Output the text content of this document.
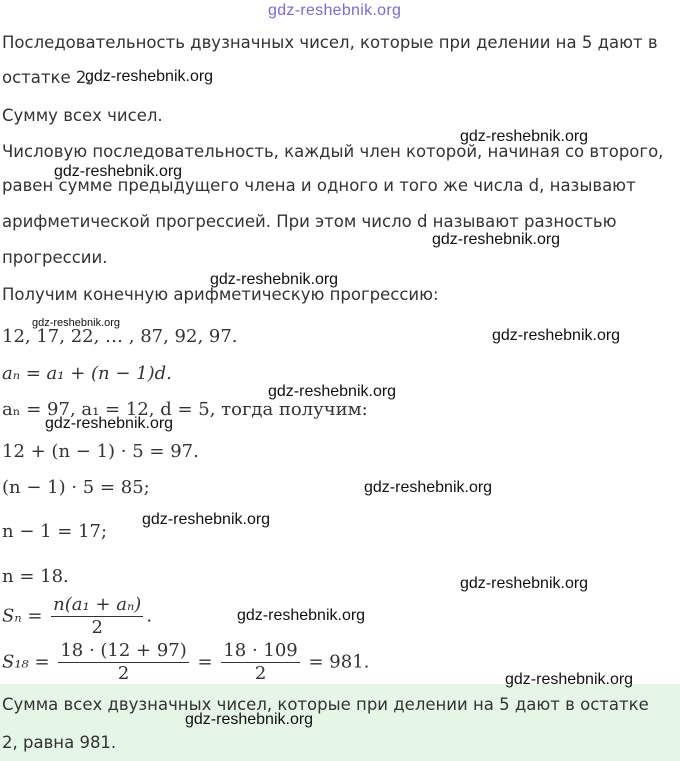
Последовательность двузначных чисел, которые при делении на 5 дают в
остатке 2.
Сумму всех чисел.
Числовую последовательность, каждый член которой, начиная со второго,
равен сумме предыдущего члена и одного и того же числа d, называют
арифметической прогрессией. При этом число d называют разностью
прогрессии.
Получим конечную арифметическую прогрессию:
12, 17, 22, … , 87, 92, 97.
aₙ = a₁ + (n − 1)d.
aₙ = 97, a₁ = 12, d = 5, тогда получим:
12 + (n − 1) · 5 = 97.
(n − 1) · 5 = 85;
n − 1 = 17;
n = 18.
$S_n = \frac{\text{n(a₁ + aₙ)}}{2}$ .
$S_{18} = \frac{18 \cdot (12 + 97)}{2} = \frac{18 \cdot 109}{2} = 981$.
Сумма всех двузначных чисел, которые при делении на 5 дают в остатке
2, равна 981.
gdz-reshebnik.org
gdz-reshebnik.org
gdz-reshebnik.org
gdz-reshebnik.org
gdz-reshebnik.org
gdz-reshebnik.org
gdz-reshebnik.org
gdz-reshebnik.org
gdz-reshebnik.org
gdz-reshebnik.org
gdz-reshebnik.org
gdz-reshebnik.org
gdz-reshebnik.org
gdz-reshebnik.org
gdz-reshebnik.org
gdz-reshebnik.org
